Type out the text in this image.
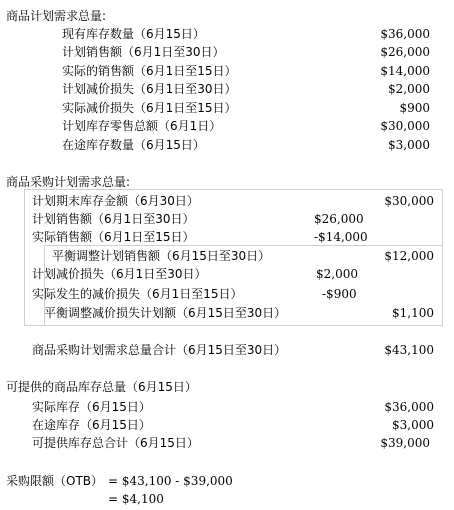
商品计划需求总量:
现有库存数量（6月15日）	$36,000
计划销售额（6月1日至30日）	$26,000
实际的销售额（6月1日至15日）	$14,000
计划减价损失（6月1日至30日）	$2,000
实际减价损失（6月1日至15日）	$900
计划库存零售总额（6月1日）	$30,000
在途库存数量（6月15日）	$3,000
商品采购计划需求总量:
计划期末库存金额（6月30日）	$30,000
计划销售额（6月1日至30日）	$26,000
实际销售额（6月1日至15日）	-$14,000
平衡调整计划销售额（6月15日至30日）	$12,000
计划减价损失（6月1日至30日）	$2,000
实际发生的减价损失（6月1日至15日）	-$900
平衡调整减价损失计划额（6月15日至30日）	$1,100
商品采购计划需求总量合计（6月15日至30日）	$43,100
可提供的商品库存总量（6月15日）
实际库存（6月15日）	$36,000
在途库存（6月15日）	$3,000
可提供库存总合计（6月15日）	$39,000
采购限额（OTB） = $43,100 - $39,000
= $4,100
